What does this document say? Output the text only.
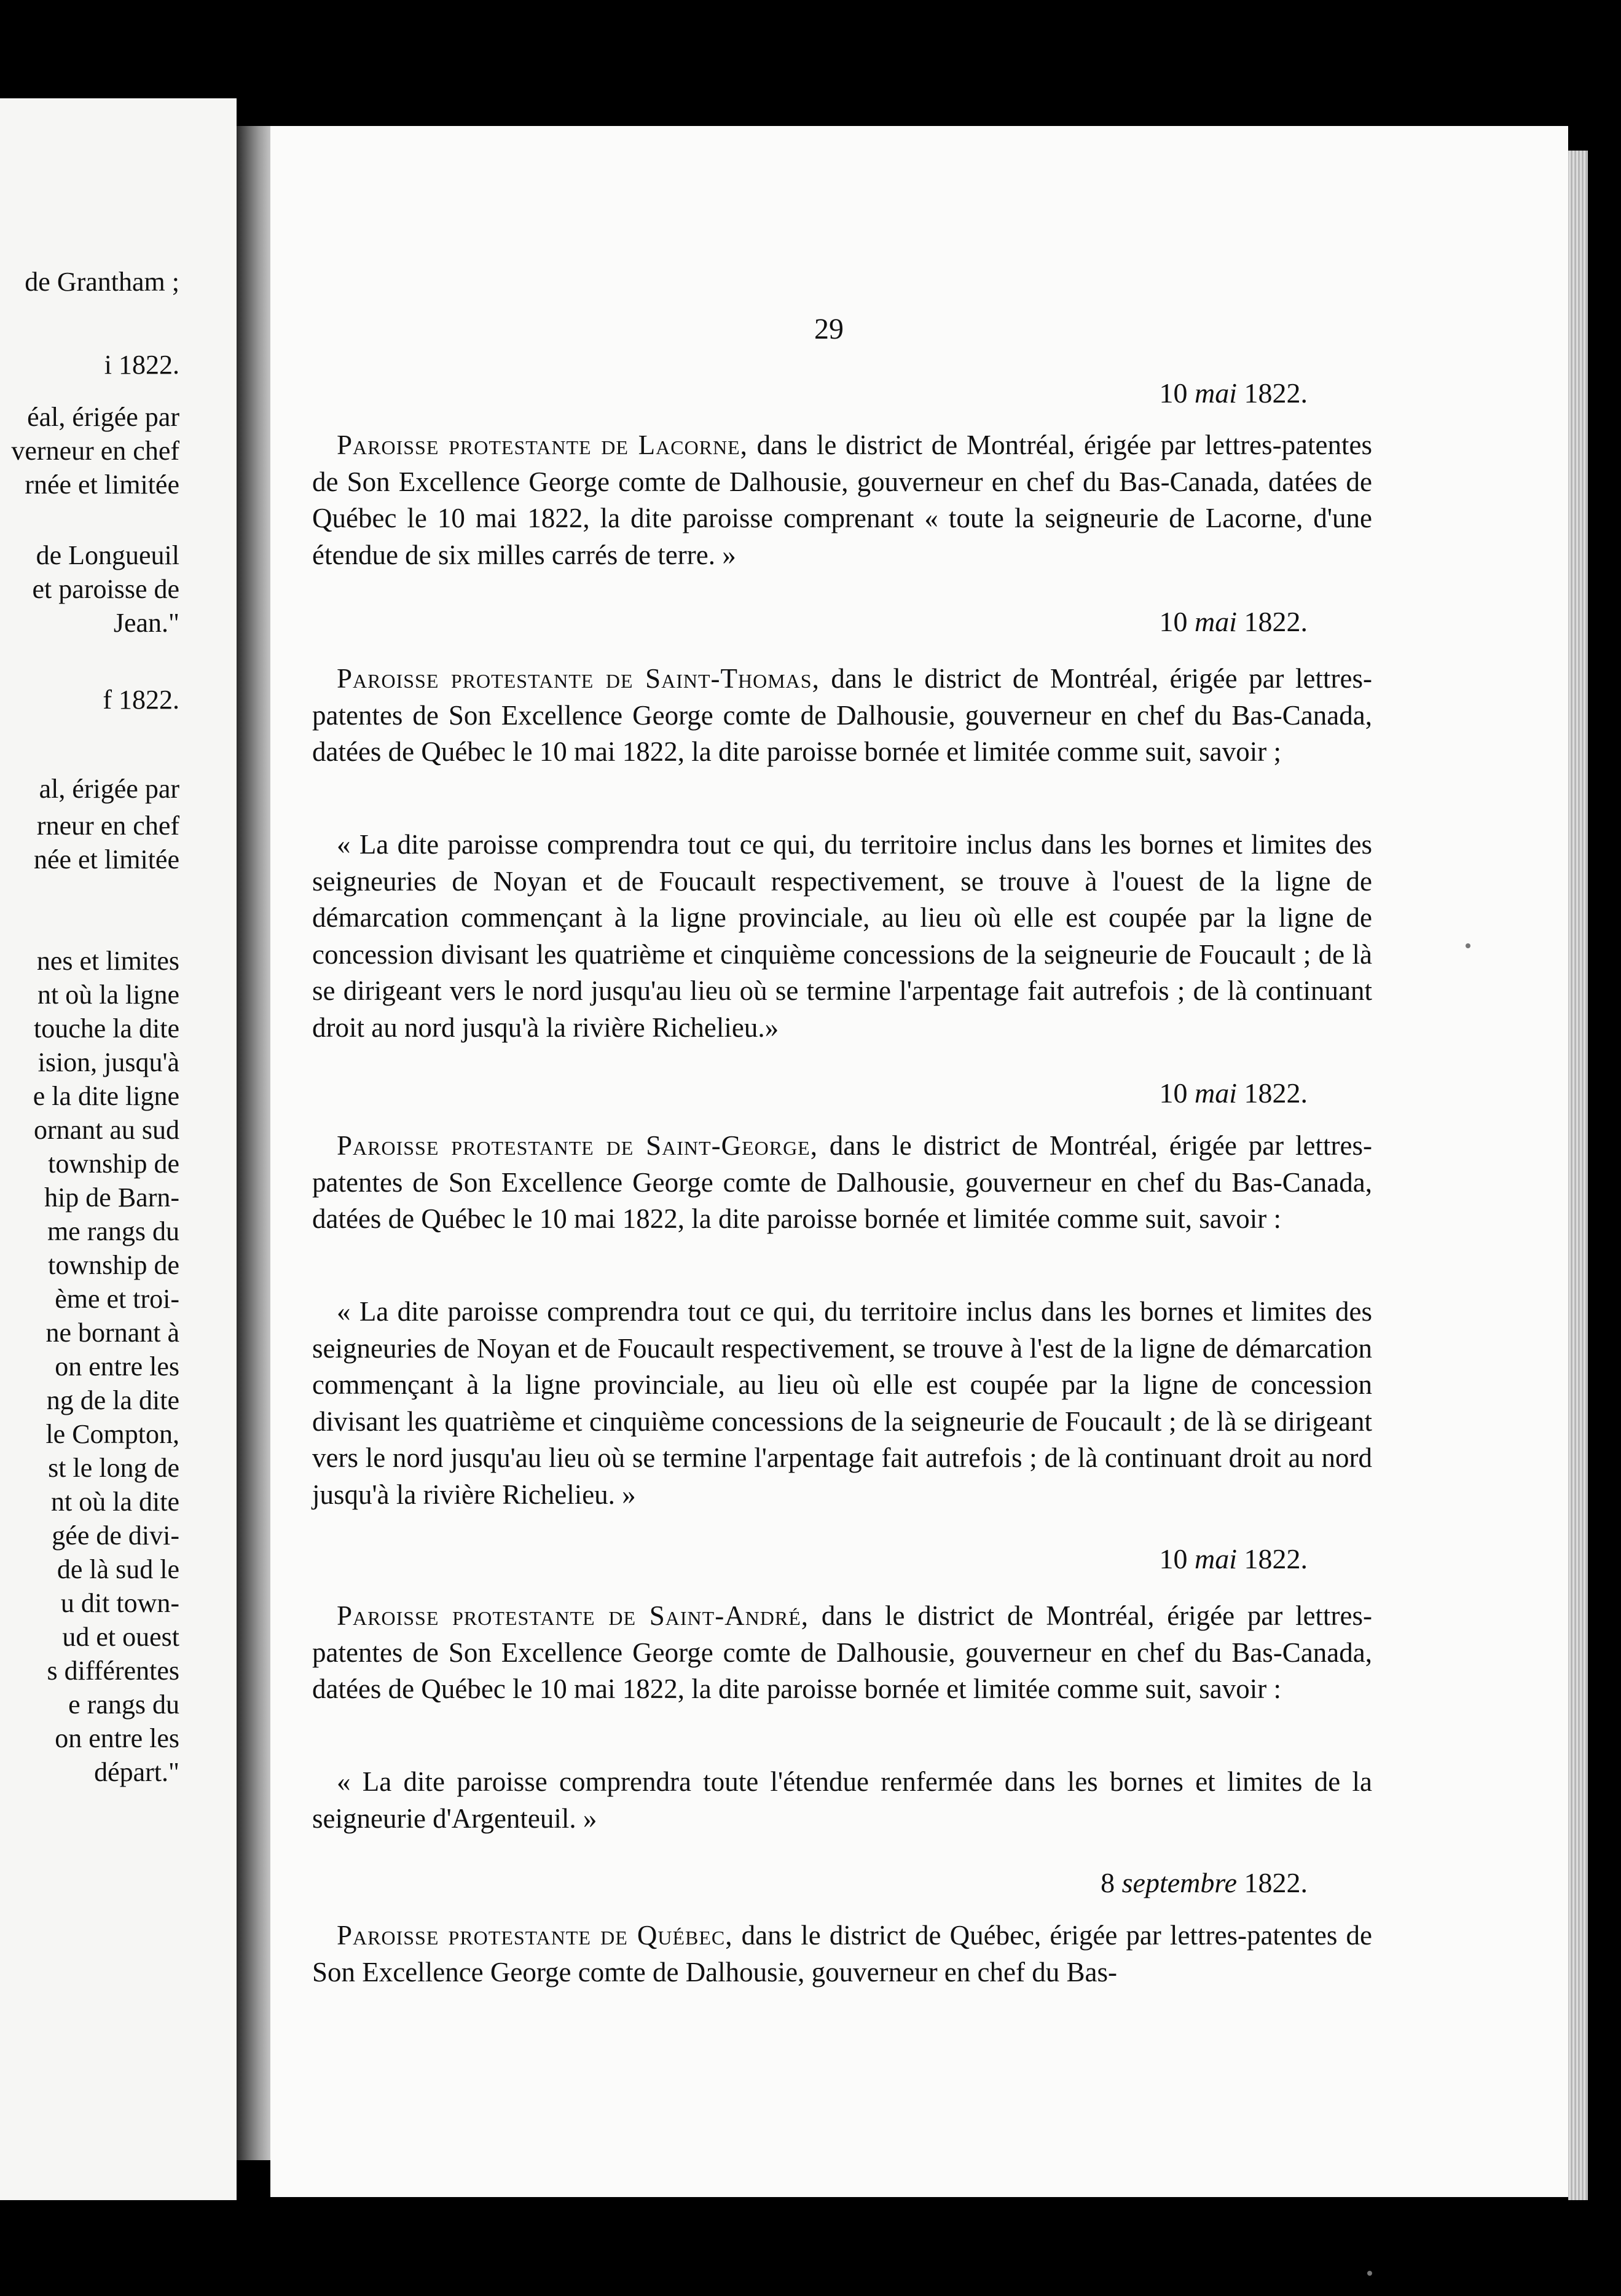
de Grantham ;
i 1822.
éal, érigée par
verneur en chef
rnée et limitée
de Longueuil
et paroisse de
Jean."
f 1822.
al, érigée par
rneur en chef
née et limitée
nes et limites
nt où la ligne
touche la dite
ision, jusqu'à
e la dite ligne
ornant au sud
township de
hip de Barn-
me rangs du
township de
ème et troi-
ne bornant à
on entre les
ng de la dite
le Compton,
st le long de
nt où la dite
gée de divi-
de là sud le
u dit town-
ud et ouest
s différentes
e rangs du
on entre les
départ."
29
10 mai 1822.
Paroisse protestante de Lacorne, dans le district de Montréal, érigée par lettres-patentes de Son Excellence George comte de Dalhousie, gouverneur en chef du Bas-Canada, datées de Québec le 10 mai 1822, la dite paroisse comprenant « toute la seigneurie de Lacorne, d'une étendue de six milles carrés de terre. »
10 mai 1822.
Paroisse protestante de Saint-Thomas, dans le district de Montréal, érigée par lettres-patentes de Son Excellence George comte de Dalhousie, gouverneur en chef du Bas-Canada, datées de Québec le 10 mai 1822, la dite paroisse bornée et limitée comme suit, savoir ;
« La dite paroisse comprendra tout ce qui, du territoire inclus dans les bornes et limites des seigneuries de Noyan et de Foucault respectivement, se trouve à l'ouest de la ligne de démarcation commençant à la ligne provinciale, au lieu où elle est coupée par la ligne de concession divisant les quatrième et cinquième concessions de la seigneurie de Foucault ; de là se dirigeant vers le nord jusqu'au lieu où se termine l'arpentage fait autrefois ; de là continuant droit au nord jusqu'à la rivière Richelieu.»
10 mai 1822.
Paroisse protestante de Saint-George, dans le district de Montréal, érigée par lettres-patentes de Son Excellence George comte de Dalhousie, gouverneur en chef du Bas-Canada, datées de Québec le 10 mai 1822, la dite paroisse bornée et limitée comme suit, savoir :
« La dite paroisse comprendra tout ce qui, du territoire inclus dans les bornes et limites des seigneuries de Noyan et de Foucault respectivement, se trouve à l'est de la ligne de démarcation commençant à la ligne provinciale, au lieu où elle est coupée par la ligne de concession divisant les quatrième et cinquième concessions de la seigneurie de Foucault ; de là se dirigeant vers le nord jusqu'au lieu où se termine l'arpentage fait autrefois ; de là continuant droit au nord jusqu'à la rivière Richelieu. »
10 mai 1822.
Paroisse protestante de Saint-André, dans le district de Montréal, érigée par lettres-patentes de Son Excellence George comte de Dalhousie, gouverneur en chef du Bas-Canada, datées de Québec le 10 mai 1822, la dite paroisse bornée et limitée comme suit, savoir :
« La dite paroisse comprendra toute l'étendue renfermée dans les bornes et limites de la seigneurie d'Argenteuil. »
8 septembre 1822.
Paroisse protestante de Québec, dans le district de Québec, érigée par lettres-patentes de Son Excellence George comte de Dalhousie, gouverneur en chef du Bas-
